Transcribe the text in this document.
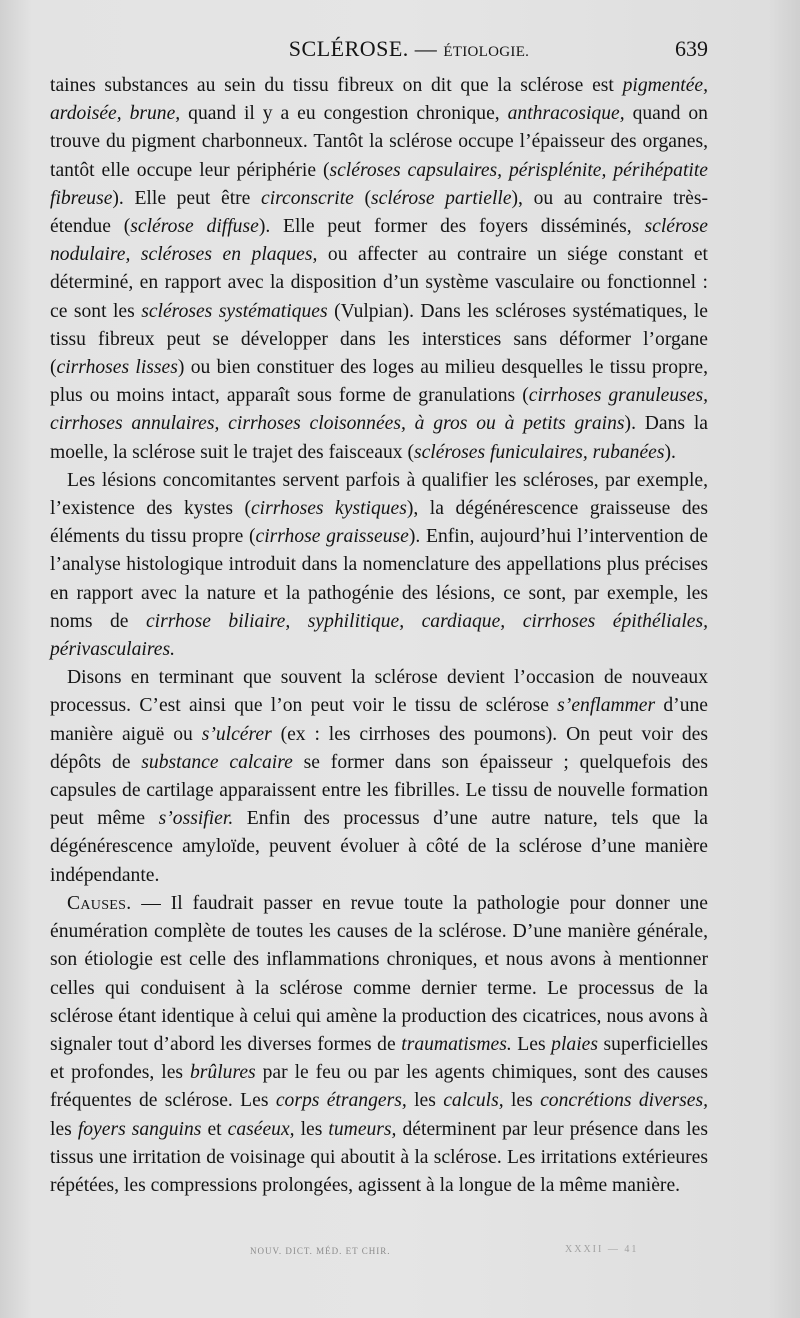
SCLÉROSE. — ÉTIOLOGIE.	639

taines substances au sein du tissu fibreux on dit que la sclérose est pigmentée, ardoisée, brune, quand il y a eu congestion chronique, anthracosique, quand on trouve du pigment charbonneux. Tantôt la sclérose occupe l’épaisseur des organes, tantôt elle occupe leur périphérie (scléroses capsulaires, périsplénite, périhépatite fibreuse). Elle peut être circonscrite (sclérose partielle), ou au contraire très-étendue (sclérose diffuse). Elle peut former des foyers disséminés, sclérose nodulaire, scléroses en plaques, ou affecter au contraire un siége constant et déterminé, en rapport avec la disposition d’un système vasculaire ou fonctionnel : ce sont les scléroses systématiques (Vulpian). Dans les scléroses systématiques, le tissu fibreux peut se développer dans les interstices sans déformer l’organe (cirrhoses lisses) ou bien constituer des loges au milieu desquelles le tissu propre, plus ou moins intact, apparaît sous forme de granulations (cirrhoses granuleuses, cirrhoses annulaires, cirrhoses cloisonnées, à gros ou à petits grains). Dans la moelle, la sclérose suit le trajet des faisceaux (scléroses funiculaires, rubanées).

Les lésions concomitantes servent parfois à qualifier les scléroses, par exemple, l’existence des kystes (cirrhoses kystiques), la dégénérescence graisseuse des éléments du tissu propre (cirrhose graisseuse). Enfin, aujourd’hui l’intervention de l’analyse histologique introduit dans la nomenclature des appellations plus précises en rapport avec la nature et la pathogénie des lésions, ce sont, par exemple, les noms de cirrhose biliaire, syphilitique, cardiaque, cirrhoses épithéliales, périvasculaires.

Disons en terminant que souvent la sclérose devient l’occasion de nouveaux processus. C’est ainsi que l’on peut voir le tissu de sclérose s’enflammer d’une manière aiguë ou s’ulcérer (ex : les cirrhoses des poumons). On peut voir des dépôts de substance calcaire se former dans son épaisseur ; quelquefois des capsules de cartilage apparaissent entre les fibrilles. Le tissu de nouvelle formation peut même s’ossifier. Enfin des processus d’une autre nature, tels que la dégénérescence amyloïde, peuvent évoluer à côté de la sclérose d’une manière indépendante.

Causes. — Il faudrait passer en revue toute la pathologie pour donner une énumération complète de toutes les causes de la sclérose. D’une manière générale, son étiologie est celle des inflammations chroniques, et nous avons à mentionner celles qui conduisent à la sclérose comme dernier terme. Le processus de la sclérose étant identique à celui qui amène la production des cicatrices, nous avons à signaler tout d’abord les diverses formes de traumatismes. Les plaies superficielles et profondes, les brûlures par le feu ou par les agents chimiques, sont des causes fréquentes de sclérose. Les corps étrangers, les calculs, les concrétions diverses, les foyers sanguins et caséeux, les tumeurs, déterminent par leur présence dans les tissus une irritation de voisinage qui aboutit à la sclérose. Les irritations extérieures répétées, les compressions prolongées, agissent à la longue de la même manière.

NOUV. DICT. MÉD. ET CHIR.	XXXII — 41
